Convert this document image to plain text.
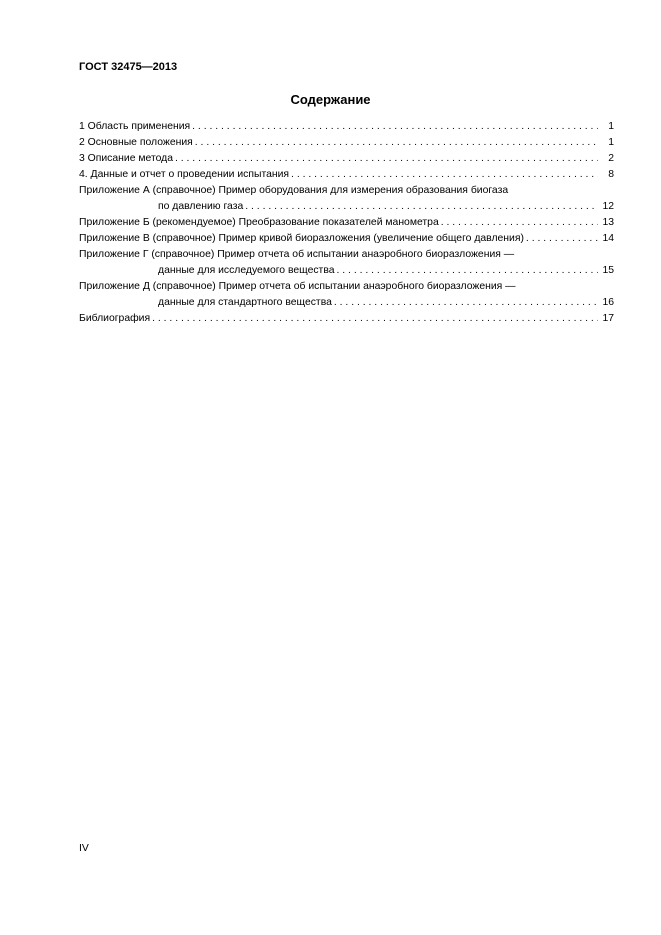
ГОСТ 32475—2013
Содержание
1 Область применения . . .	1
2 Основные положения . . .	1
3 Описание метода . . .	2
4. Данные и отчет о проведении испытания . . .	8
Приложение А (справочное) Пример оборудования для измерения образования биогаза
по давлению газа . . .	12
Приложение Б (рекомендуемое) Преобразование показателей манометра . . .	13
Приложение В (справочное) Пример кривой биоразложения (увеличение общего давления) . . .	14
Приложение Г (справочное) Пример отчета об испытании анаэробного биоразложения —
данные для исследуемого вещества . . .	15
Приложение Д (справочное) Пример отчета об испытании анаэробного биоразложения —
данные для стандартного вещества . . .	16
Библиография . . .	17
IV
